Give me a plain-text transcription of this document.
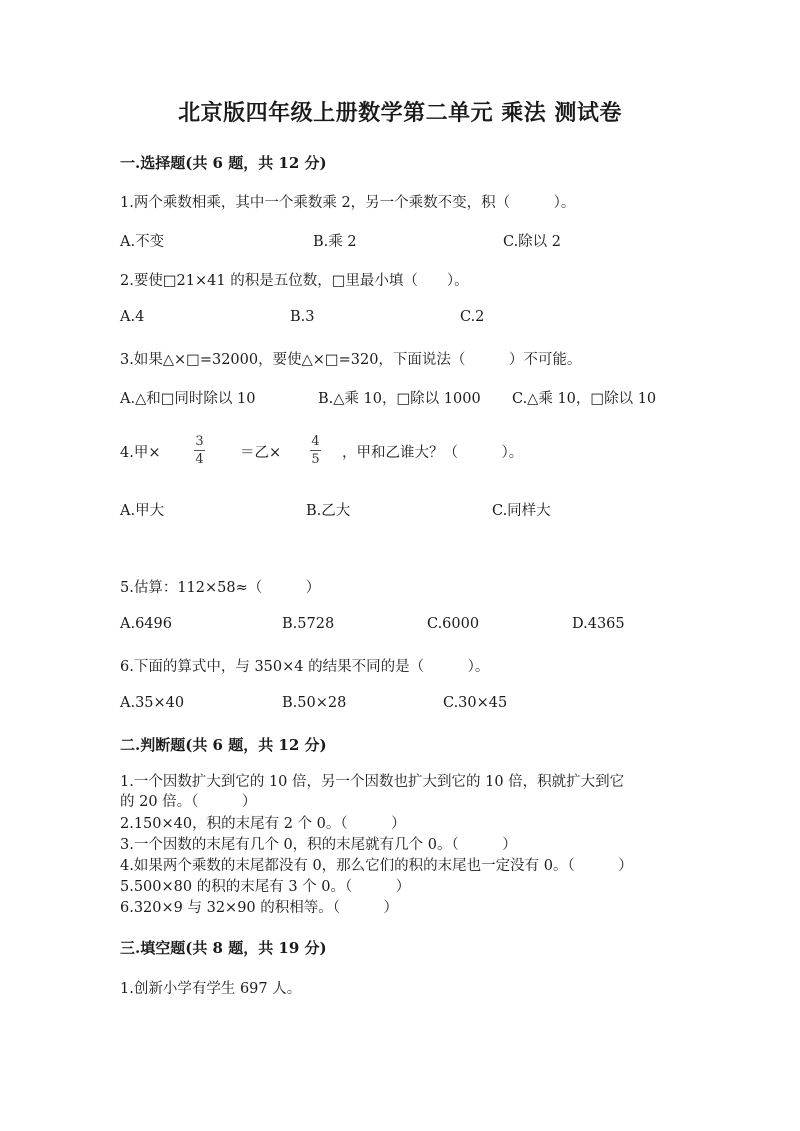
北京版四年级上册数学第二单元 乘法 测试卷
一.选择题(共 6 题，共 12 分)
1.两个乘数相乘，其中一个乘数乘 2，另一个乘数不变，积（　　　）。
A.不变	B.乘 2	C.除以 2
2.要使□21×41 的积是五位数，□里最小填（　　）。
A.4	B.3	C.2
3.如果△×□=32000，要使△×□=320，下面说法（　　　）不可能。
A.△和□同时除以 10	B.△乘 10，□除以 1000 C.△乘 10，□除以 10
4.甲×
3
4	＝乙×
4
5 ，甲和乙谁大？（　　　）。
A.甲大	B.乙大	C.同样大
5.估算：112×58≈（　　　）
A.6496	B.5728	C.6000	D.4365
6.下面的算式中，与 350×4 的结果不同的是（　　　）。
A.35×40	B.50×28	C.30×45
二.判断题(共 6 题，共 12 分)
1.一个因数扩大到它的 10 倍，另一个因数也扩大到它的 10 倍，积就扩大到它
的 20 倍。（　　　）
2.150×40，积的末尾有 2 个 0。（　　　）
3.一个因数的末尾有几个 0，积的末尾就有几个 0。（　　　）
4.如果两个乘数的末尾都没有 0，那么它们的积的末尾也一定没有 0。（　　　）
5.500×80 的积的末尾有 3 个 0。（　　　）
6.320×9 与 32×90 的积相等。（　　　）
三.填空题(共 8 题，共 19 分)
1.创新小学有学生 697 人。
